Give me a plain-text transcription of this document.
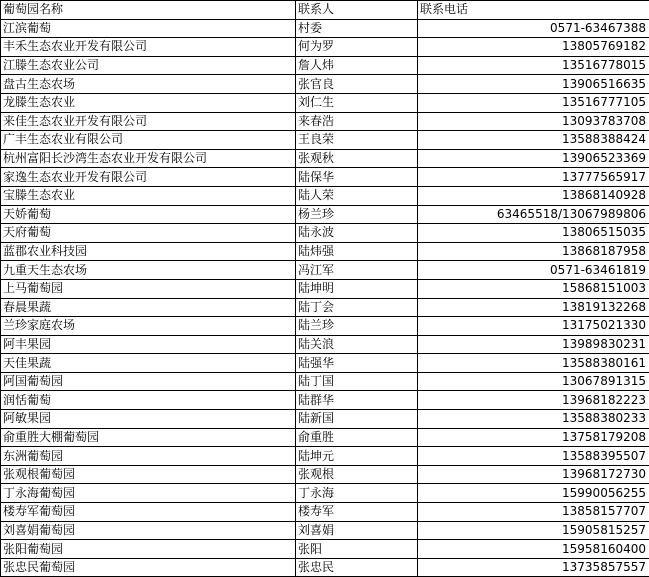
葡萄园名称	联系人	联系电话
江滨葡萄	村委	0571-63467388
丰禾生态农业开发有限公司	何为罗	13805769182
江滕生态农业公司	詹人炜	13516778015
盘古生态农场	张官良	13906516635
龙滕生态农业	刘仁生	13516777105
来佳生态农业开发有限公司	来春浩	13093783708
广丰生态农业有限公司	王良荣	13588388424
杭州富阳长沙湾生态农业开发有限公司	张观秋	13906523369
家逸生态农业开发有限公司	陆保华	13777565917
宝滕生态农业	陆人荣	13868140928
天娇葡萄	杨兰珍	63465518/13067989806
天府葡萄	陆永波	13806515035
蓝郡农业科技园	陆炜强	13868187958
九重天生态农场	冯江军	0571-63461819
上马葡萄园	陆坤明	15868151003
春晨果蔬	陆丁会	13819132268
兰珍家庭农场	陆兰珍	13175021330
阿丰果园	陆关浪	13989830231
天佳果蔬	陆强华	13588380161
阿国葡萄园	陆丁国	13067891315
润恬葡萄	陆群华	13968182223
阿敏果园	陆新国	13588380233
俞重胜大棚葡萄园	俞重胜	13758179208
东洲葡萄园	陆坤元	13588395507
张观根葡萄园	张观根	13968172730
丁永海葡萄园	丁永海	15990056255
楼寿军葡萄园	楼寿军	13858157707
刘喜娟葡萄园	刘喜娟	15905815257
张阳葡萄园	张阳	15958160400
张忠民葡萄园	张忠民	13735857557
